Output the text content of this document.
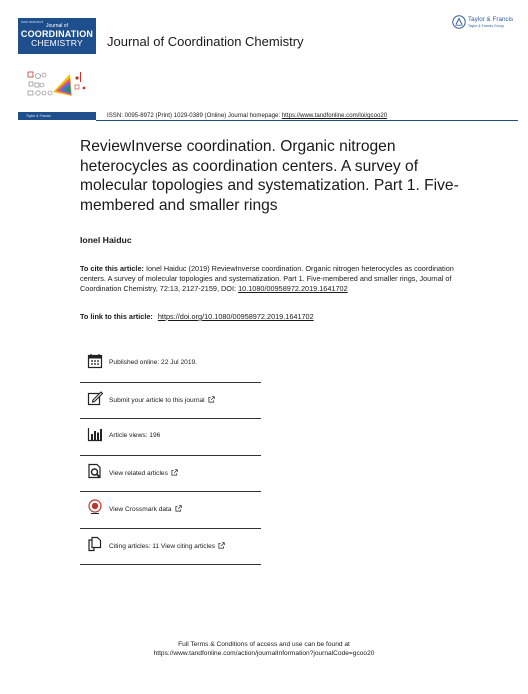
ISSN 0095-8972
Journal of
COORDINATION
CHEMISTRY	Journal of Coordination Chemistry
Taylor & Francis
Taylor & Francis Group
Taylor & Francis	ISSN: 0095-8972 (Print) 1029-0389 (Online) Journal homepage: https://www.tandfonline.com/loi/gcoo20
ReviewInverse coordination. Organic nitrogen heterocycles as coordination centers. A survey of molecular topologies and systematization. Part 1. Five-membered and smaller rings
Ionel Haiduc
To cite this article: Ionel Haiduc (2019) ReviewInverse coordination. Organic nitrogen heterocycles as coordination centers. A survey of molecular topologies and systematization. Part 1. Five-membered and smaller rings, Journal of Coordination Chemistry, 72:13, 2127-2159, DOI: 10.1080/00958972.2019.1641702
To link to this article: https://doi.org/10.1080/00958972.2019.1641702
Published online: 22 Jul 2019.
Submit your article to this journal
Article views: 196
View related articles
View Crossmark data
Citing articles: 11 View citing articles
Full Terms & Conditions of access and use can be found at
https://www.tandfonline.com/action/journalInformation?journalCode=gcoo20
